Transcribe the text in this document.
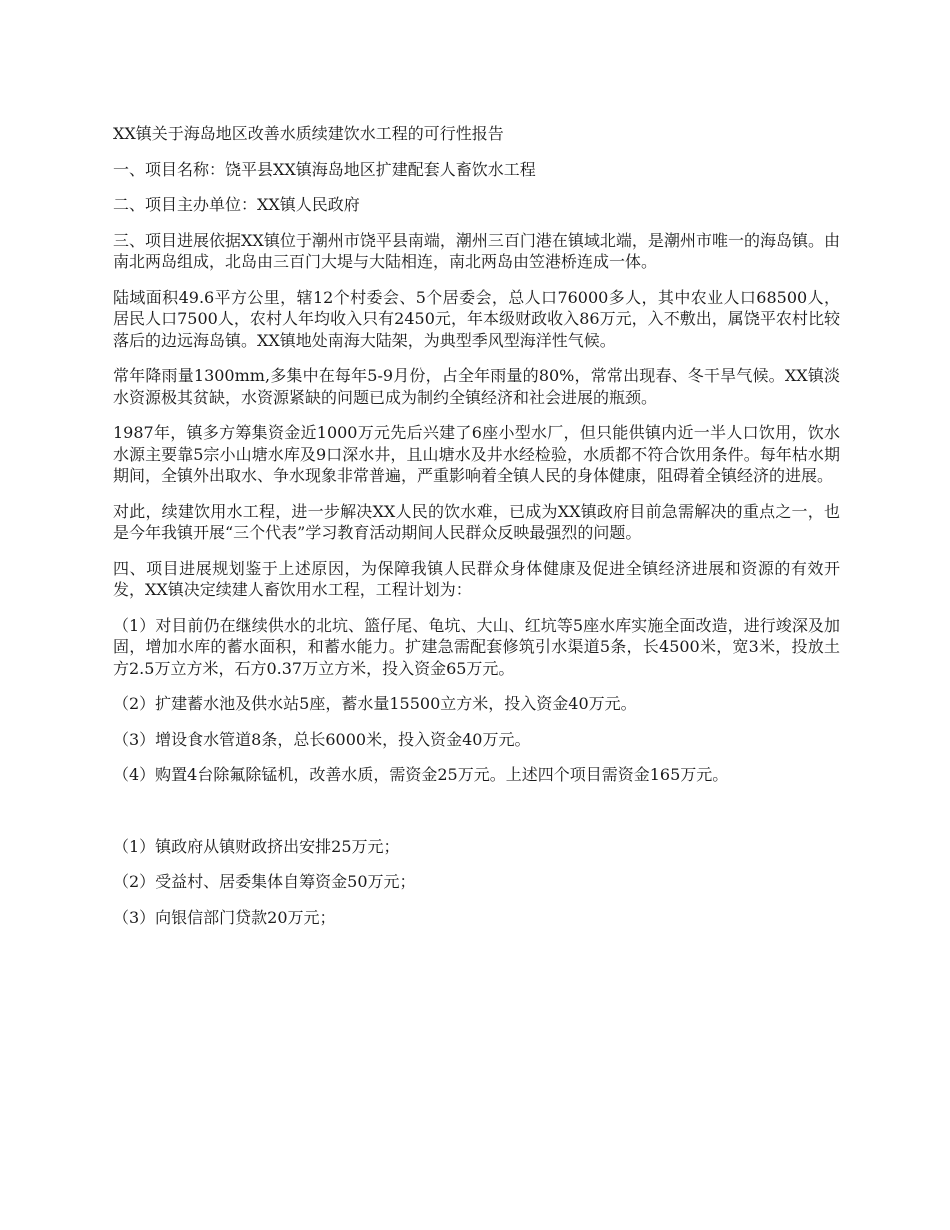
XX镇关于海岛地区改善水质续建饮水工程的可行性报告

一、项目名称：饶平县XX镇海岛地区扩建配套人畜饮水工程

二、项目主办单位：XX镇人民政府

三、项目进展依据XX镇位于潮州市饶平县南端，潮州三百门港在镇域北端，是潮州市唯一的海岛镇。由南北两岛组成，北岛由三百门大堤与大陆相连，南北两岛由笠港桥连成一体。

陆域面积49.6平方公里，辖12个村委会、5个居委会，总人口76000多人，其中农业人口68500人，居民人口7500人，农村人年均收入只有2450元，年本级财政收入86万元，入不敷出，属饶平农村比较落后的边远海岛镇。XX镇地处南海大陆架，为典型季风型海洋性气候。

常年降雨量1300mm,多集中在每年5-9月份，占全年雨量的80%，常常出现春、冬干旱气候。XX镇淡水资源极其贫缺，水资源紧缺的问题已成为制约全镇经济和社会进展的瓶颈。

1987年，镇多方筹集资金近1000万元先后兴建了6座小型水厂，但只能供镇内近一半人口饮用，饮水水源主要靠5宗小山塘水库及9口深水井，且山塘水及井水经检验，水质都不符合饮用条件。每年枯水期期间，全镇外出取水、争水现象非常普遍，严重影响着全镇人民的身体健康，阻碍着全镇经济的进展。

对此，续建饮用水工程，进一步解决XX人民的饮水难，已成为XX镇政府目前急需解决的重点之一，也是今年我镇开展“三个代表”学习教育活动期间人民群众反映最强烈的问题。

四、项目进展规划鉴于上述原因，为保障我镇人民群众身体健康及促进全镇经济进展和资源的有效开发，XX镇决定续建人畜饮用水工程，工程计划为：

（1）对目前仍在继续供水的北坑、篮仔尾、龟坑、大山、红坑等5座水库实施全面改造，进行竣深及加固，增加水库的蓄水面积，和蓄水能力。扩建急需配套修筑引水渠道5条，长4500米，宽3米，投放土方2.5万立方米，石方0.37万立方米，投入资金65万元。

（2）扩建蓄水池及供水站5座，蓄水量15500立方米，投入资金40万元。

（3）增设食水管道8条，总长6000米，投入资金40万元。

（4）购置4台除氟除锰机，改善水质，需资金25万元。上述四个项目需资金165万元。

（1）镇政府从镇财政挤出安排25万元；

（2）受益村、居委集体自筹资金50万元；

（3）向银信部门贷款20万元；
